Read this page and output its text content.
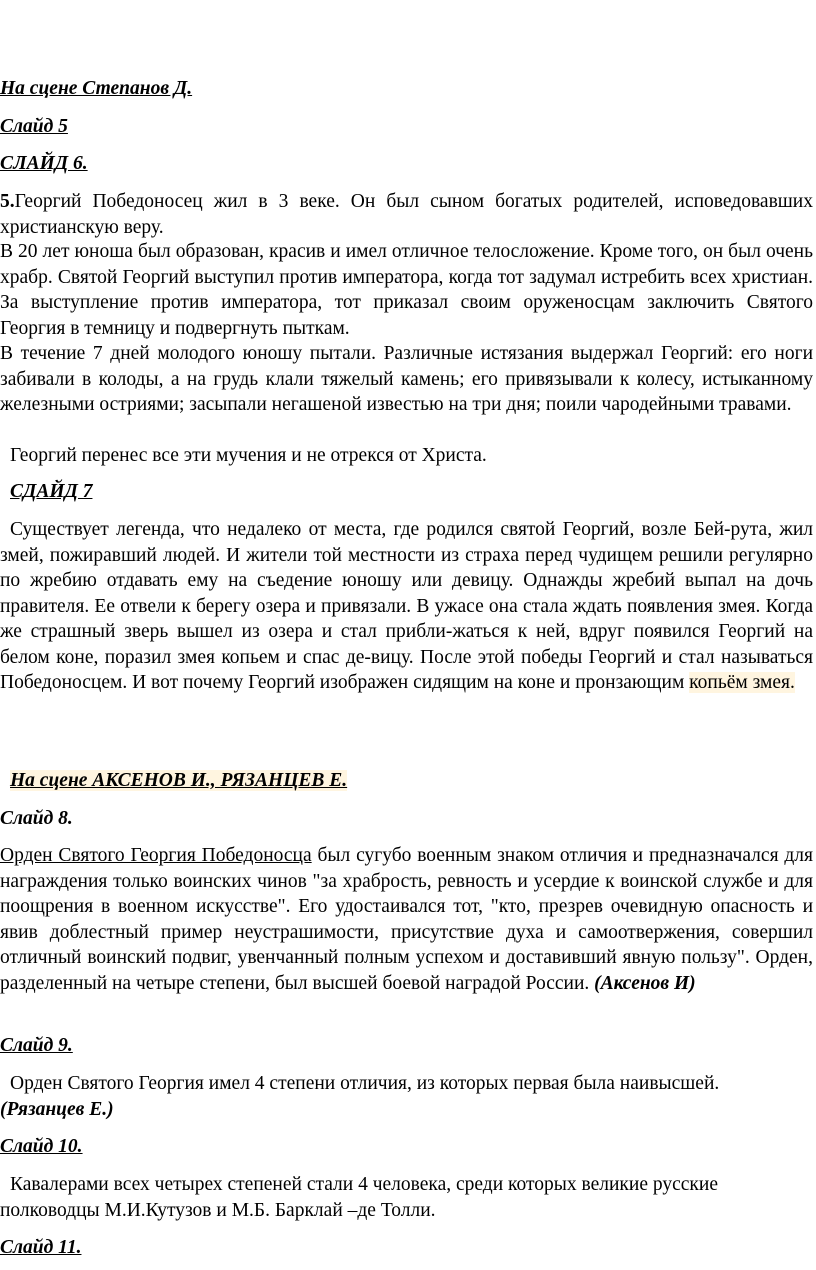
На сцене Степанов Д.

Слайд 5

СЛАЙД 6.

5.Георгий Победоносец жил в 3 веке. Он был сыном богатых родителей, исповедовавших христианскую веру.

В 20 лет юноша был образован, красив и имел отличное телосложение. Кроме того, он был очень храбр. Святой Георгий выступил против императора, когда тот задумал истребить всех христиан. За выступление против императора, тот приказал своим оруженосцам заключить Святого Георгия в темницу и подвергнуть пыткам.

В течение 7 дней молодого юношу пытали. Различные истязания выдержал Георгий: его ноги забивали в колоды, а на грудь клали тяжелый камень; его привязывали к колесу, истыканному железными остриями; засыпали негашеной известью на три дня; поили чародейными травами.

Георгий перенес все эти мучения и не отрекся от Христа.

СДАЙД 7

Существует легенда, что недалеко от места, где родился святой Георгий, возле Бей-рута, жил змей, пожиравший людей. И жители той местности из страха перед чудищем решили регулярно по жребию отдавать ему на съедение юношу или девицу. Однажды жребий выпал на дочь правителя. Ее отвели к берегу озера и привязали. В ужасе она стала ждать появления змея. Когда же страшный зверь вышел из озера и стал прибли-жаться к ней, вдруг появился Георгий на белом коне, поразил змея копьем и спас де-вицу. После этой победы Георгий и стал называться Победоносцем. И вот почему Георгий изображен сидящим на коне и пронзающим копьём змея.

На сцене АКСЕНОВ И., РЯЗАНЦЕВ Е.

Слайд 8.

Орден Святого Георгия Победоносца был сугубо военным знаком отличия и предназначался для награждения только воинских чинов "за храбрость, ревность и усердие к воинской службе и для поощрения в военном искусстве". Его удостаивался тот, "кто, презрев очевидную опасность и явив доблестный пример неустрашимости, присутствие духа и самоотвержения, совершил отличный воинский подвиг, увенчанный полным успехом и доставивший явную пользу". Орден, разделенный на четыре степени, был высшей боевой наградой России. (Аксенов И)

Слайд 9.

Орден Святого Георгия имел 4 степени отличия, из которых первая была наивысшей.
(Рязанцев Е.)

Слайд 10.

Кавалерами всех четырех степеней стали 4 человека, среди которых великие русские полководцы М.И.Кутузов и М.Б. Барклай –де Толли.

Слайд 11.
